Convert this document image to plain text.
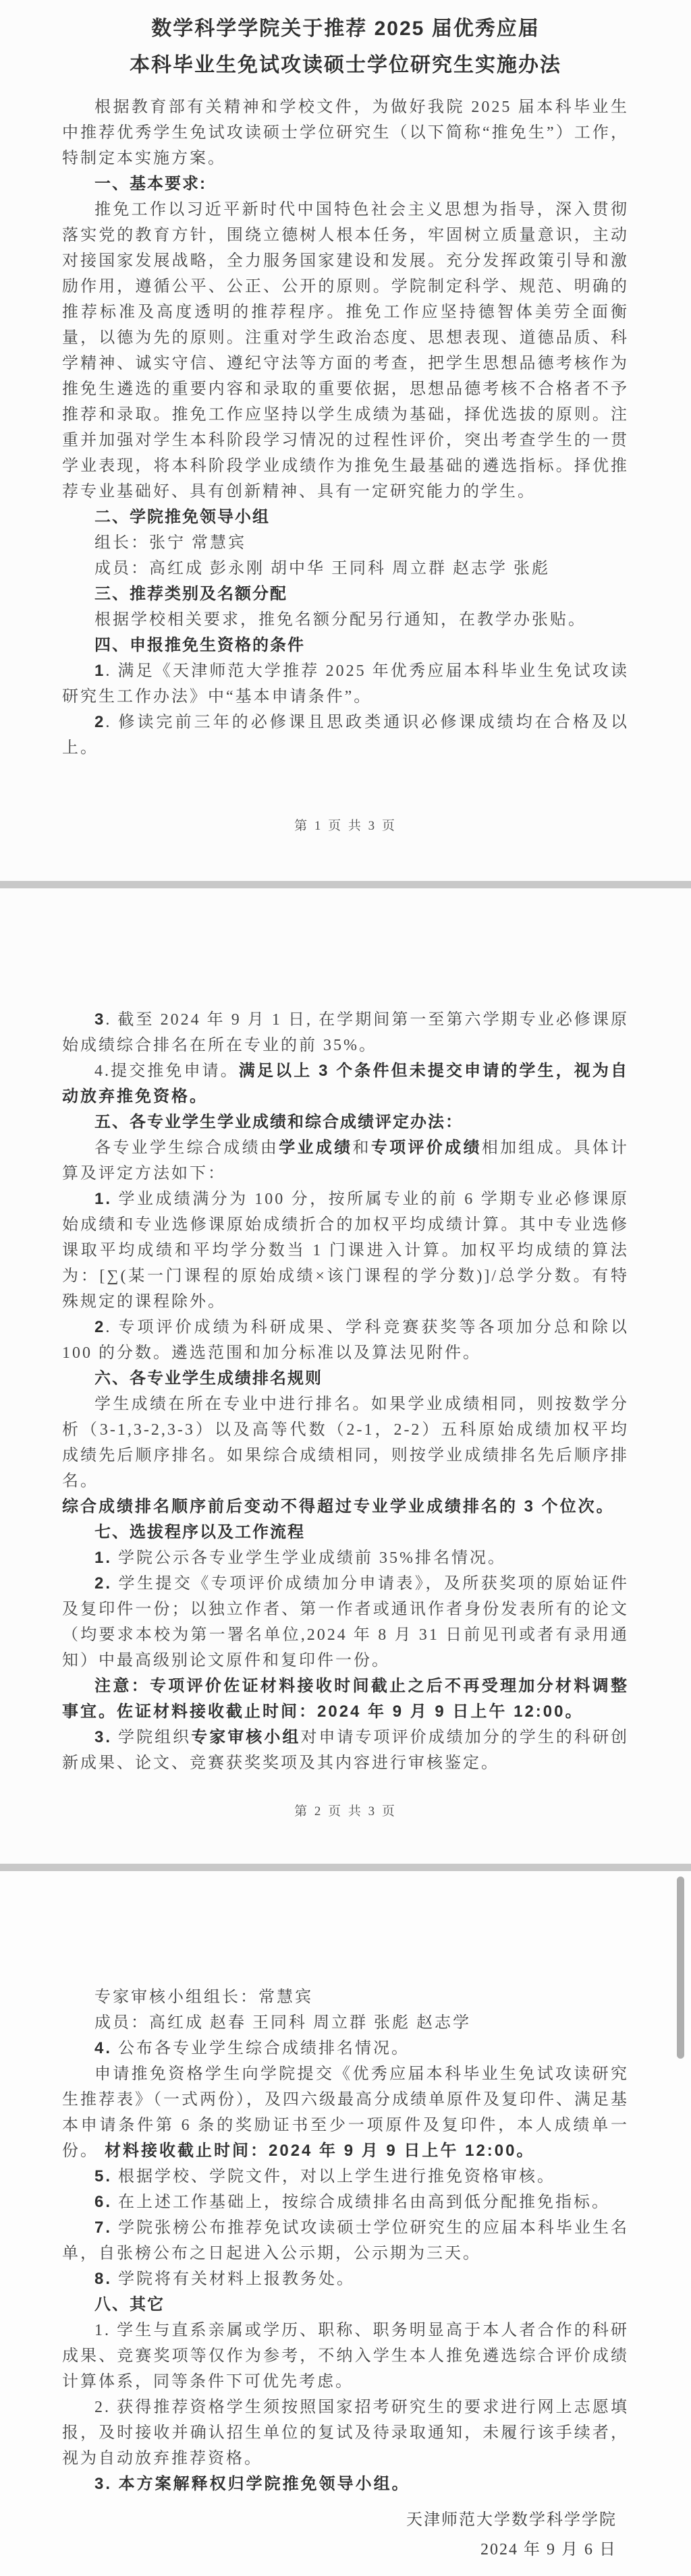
数学科学学院关于推荐 2025 届优秀应届

本科毕业生免试攻读硕士学位研究生实施办法

根据教育部有关精神和学校文件，为做好我院 2025 届本科毕业生中推荐优秀学生免试攻读硕士学位研究生（以下简称“推免生”）工作，特制定本实施方案。

一、基本要求:

推免工作以习近平新时代中国特色社会主义思想为指导，深入贯彻落实党的教育方针，围绕立德树人根本任务，牢固树立质量意识，主动对接国家发展战略，全力服务国家建设和发展。充分发挥政策引导和激励作用，遵循公平、公正、公开的原则。学院制定科学、规范、明确的推荐标准及高度透明的推荐程序。推免工作应坚持德智体美劳全面衡量，以德为先的原则。注重对学生政治态度、思想表现、道德品质、科学精神、诚实守信、遵纪守法等方面的考查，把学生思想品德考核作为推免生遴选的重要内容和录取的重要依据，思想品德考核不合格者不予推荐和录取。推免工作应坚持以学生成绩为基础，择优选拔的原则。注重并加强对学生本科阶段学习情况的过程性评价，突出考查学生的一贯学业表现，将本科阶段学业成绩作为推免生最基础的遴选指标。择优推荐专业基础好、具有创新精神、具有一定研究能力的学生。

二、学院推免领导小组

组长：张宁 常慧宾

成员：高红成 彭永刚 胡中华 王同科 周立群 赵志学 张彪

三、推荐类别及名额分配

根据学校相关要求，推免名额分配另行通知，在教学办张贴。

四、申报推免生资格的条件

1. 满足《天津师范大学推荐 2025 年优秀应届本科毕业生免试攻读研究生工作办法》中“基本申请条件”。

2. 修读完前三年的必修课且思政类通识必修课成绩均在合格及以上。

第 1 页 共 3 页

3. 截至 2024 年 9 月 1 日, 在学期间第一至第六学期专业必修课原始成绩综合排名在所在专业的前 35%。

4.提交推免申请。满足以上 3 个条件但未提交申请的学生，视为自动放弃推免资格。

五、各专业学生学业成绩和综合成绩评定办法：

各专业学生综合成绩由学业成绩和专项评价成绩相加组成。具体计算及评定方法如下：

1. 学业成绩满分为 100 分，按所属专业的前 6 学期专业必修课原始成绩和专业选修课原始成绩折合的加权平均成绩计算。其中专业选修课取平均成绩和平均学分数当 1 门课进入计算。加权平均成绩的算法为：[∑(某一门课程的原始成绩×该门课程的学分数)]/总学分数。有特殊规定的课程除外。

2. 专项评价成绩为科研成果、学科竞赛获奖等各项加分总和除以 100 的分数。遴选范围和加分标准以及算法见附件。

六、各专业学生成绩排名规则

学生成绩在所在专业中进行排名。如果学业成绩相同，则按数学分析（3-1,3-2,3-3）以及高等代数（2-1，2-2）五科原始成绩加权平均成绩先后顺序排名。如果综合成绩相同，则按学业成绩排名先后顺序排名。

综合成绩排名顺序前后变动不得超过专业学业成绩排名的 3 个位次。

七、选拔程序以及工作流程

1. 学院公示各专业学生学业成绩前 35%排名情况。

2. 学生提交《专项评价成绩加分申请表》，及所获奖项的原始证件及复印件一份；以独立作者、第一作者或通讯作者身份发表所有的论文（均要求本校为第一署名单位,2024 年 8 月 31 日前见刊或者有录用通知）中最高级别论文原件和复印件一份。

注意：专项评价佐证材料接收时间截止之后不再受理加分材料调整事宜。佐证材料接收截止时间：2024 年 9 月 9 日上午 12:00。

3. 学院组织专家审核小组对申请专项评价成绩加分的学生的科研创新成果、论文、竞赛获奖奖项及其内容进行审核鉴定。

第 2 页 共 3 页

专家审核小组组长：常慧宾

成员：高红成 赵春 王同科 周立群 张彪 赵志学

4. 公布各专业学生综合成绩排名情况。

申请推免资格学生向学院提交《优秀应届本科毕业生免试攻读研究生推荐表》（一式两份），及四六级最高分成绩单原件及复印件、满足基本申请条件第 6 条的奖励证书至少一项原件及复印件，本人成绩单一份。 材料接收截止时间：2024 年 9 月 9 日上午 12:00。

5. 根据学校、学院文件，对以上学生进行推免资格审核。

6. 在上述工作基础上，按综合成绩排名由高到低分配推免指标。

7. 学院张榜公布推荐免试攻读硕士学位研究生的应届本科毕业生名单，自张榜公布之日起进入公示期，公示期为三天。

8. 学院将有关材料上报教务处。

八、其它

1. 学生与直系亲属或学历、职称、职务明显高于本人者合作的科研成果、竞赛奖项等仅作为参考，不纳入学生本人推免遴选综合评价成绩计算体系，同等条件下可优先考虑。

2. 获得推荐资格学生须按照国家招考研究生的要求进行网上志愿填报，及时接收并确认招生单位的复试及待录取通知，未履行该手续者，视为自动放弃推荐资格。

3. 本方案解释权归学院推免领导小组。

天津师范大学数学科学学院
2024 年 9 月 6 日
